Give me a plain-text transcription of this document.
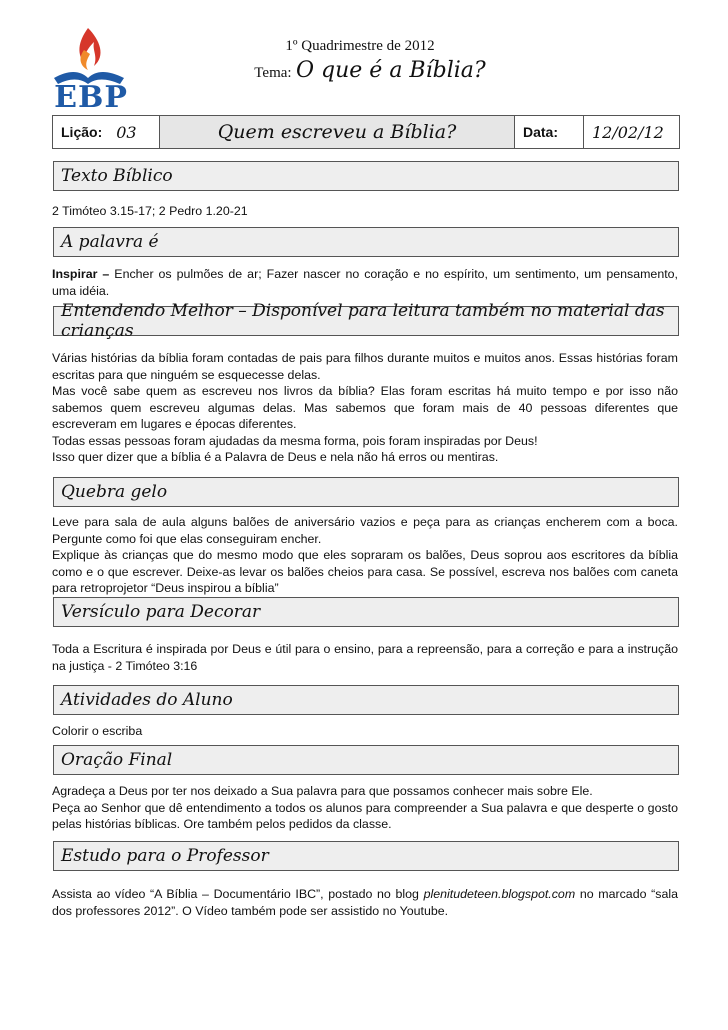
EBP
1º Quadrimestre de 2012
Tema: O que é a Bíblia?
Lição: 03	Quem escreveu a Bíblia?	Data: 12/02/12
Texto Bíblico
2 Timóteo 3.15-17; 2 Pedro 1.20-21
A palavra é
Inspirar – Encher os pulmões de ar; Fazer nascer no coração e no espírito, um sentimento, um pensamento, uma idéia.
Entendendo Melhor – Disponível para leitura também no material das crianças
Várias histórias da bíblia foram contadas de pais para filhos durante muitos e muitos anos. Essas histórias foram escritas para que ninguém se esquecesse delas.
Mas você sabe quem as escreveu nos livros da bíblia? Elas foram escritas há muito tempo e por isso não sabemos quem escreveu algumas delas. Mas sabemos que foram mais de 40 pessoas diferentes que escreveram em lugares e épocas diferentes.
Todas essas pessoas foram ajudadas da mesma forma, pois foram inspiradas por Deus!
Isso quer dizer que a bíblia é a Palavra de Deus e nela não há erros ou mentiras.
Quebra gelo
Leve para sala de aula alguns balões de aniversário vazios e peça para as crianças encherem com a boca. Pergunte como foi que elas conseguiram encher.
Explique às crianças que do mesmo modo que eles sopraram os balões, Deus soprou aos escritores da bíblia como e o que escrever. Deixe-as levar os balões cheios para casa. Se possível, escreva nos balões com caneta para retroprojetor “Deus inspirou a bíblia”
Versículo para Decorar
Toda a Escritura é inspirada por Deus e útil para o ensino, para a repreensão, para a correção e para a instrução na justiça - 2 Timóteo 3:16
Atividades do Aluno
Colorir o escriba
Oração Final
Agradeça a Deus por ter nos deixado a Sua palavra para que possamos conhecer mais sobre Ele.
Peça ao Senhor que dê entendimento a todos os alunos para compreender a Sua palavra e que desperte o gosto pelas histórias bíblicas. Ore também pelos pedidos da classe.
Estudo para o Professor
Assista ao vídeo “A Bíblia – Documentário IBC”, postado no blog plenitudeteen.blogspot.com no marcado “sala dos professores 2012”. O Vídeo também pode ser assistido no Youtube.
